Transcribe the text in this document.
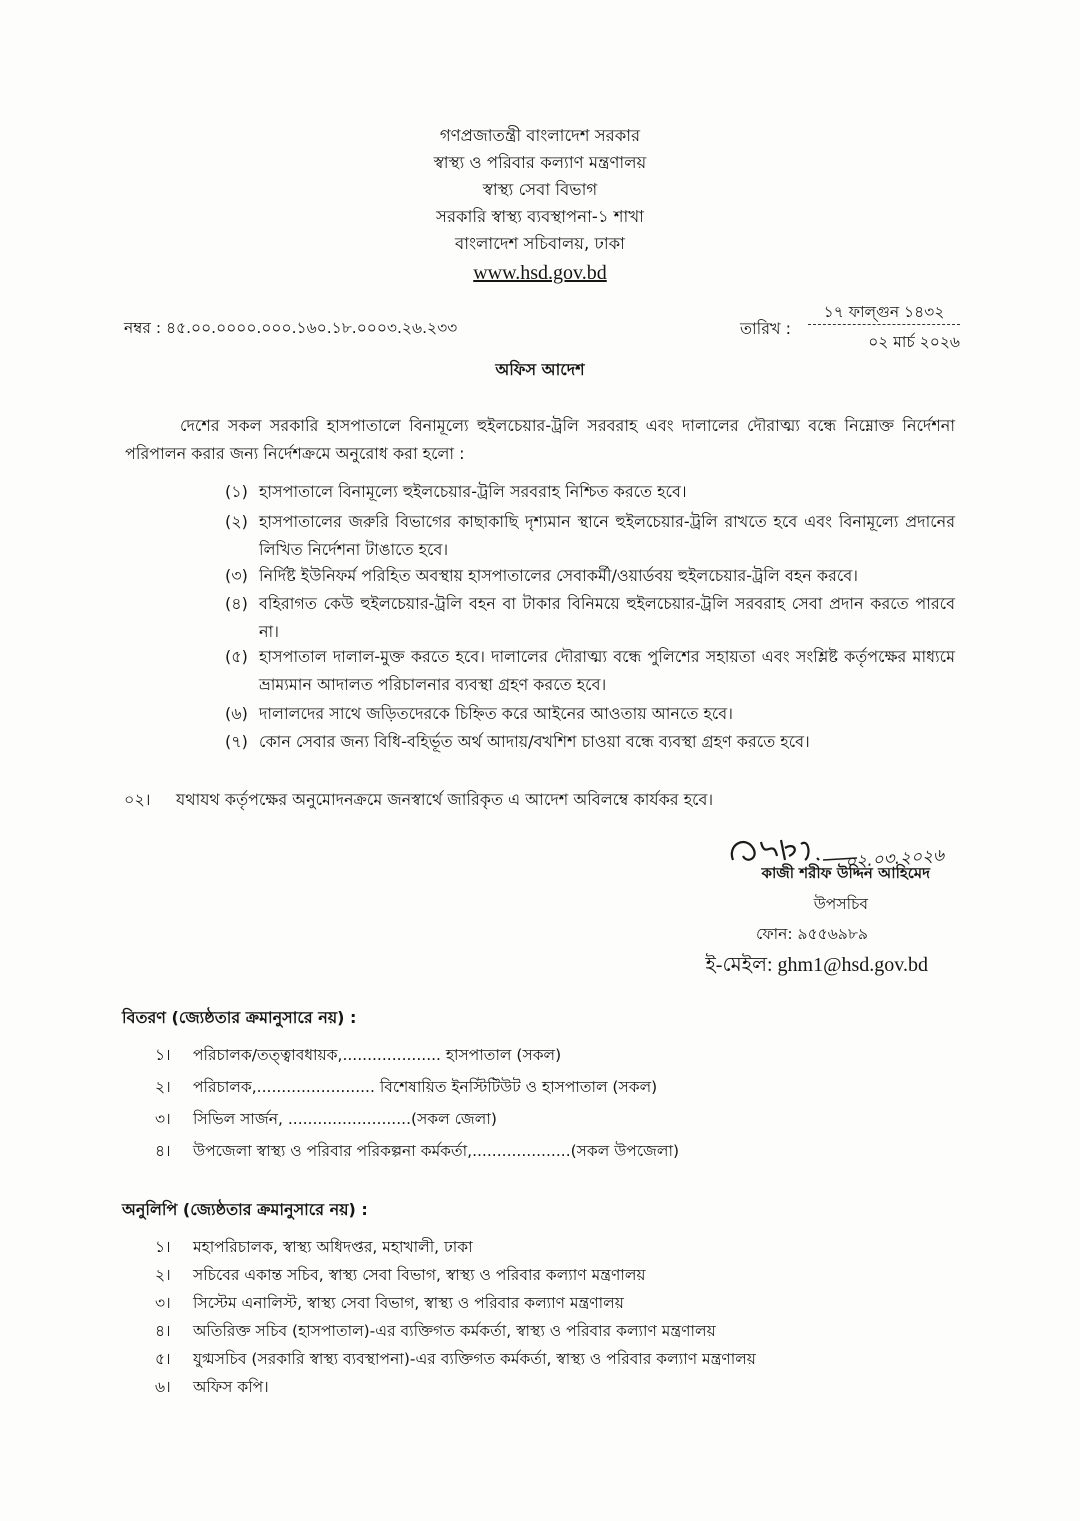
গণপ্রজাতন্ত্রী বাংলাদেশ সরকার
স্বাস্থ্য ও পরিবার কল্যাণ মন্ত্রণালয়
স্বাস্থ্য সেবা বিভাগ
সরকারি স্বাস্থ্য ব্যবস্থাপনা-১ শাখা
বাংলাদেশ সচিবালয়, ঢাকা
www.hsd.gov.bd
নম্বর : ৪৫.০০.০০০০.০০০.১৬০.১৮.০০০৩.২৬.২৩৩	তারিখ :
১৭ ফাল্গুন ১৪৩২
০২ মার্চ ২০২৬
অফিস আদেশ
দেশের সকল সরকারি হাসপাতালে বিনামূল্যে হুইলচেয়ার-ট্রলি সরবরাহ এবং দালালের দৌরাত্ম্য বন্ধে নিম্নোক্ত নির্দেশনা পরিপালন করার জন্য নির্দেশক্রমে অনুরোধ করা হলো :
(১) হাসপাতালে বিনামূল্যে হুইলচেয়ার-ট্রলি সরবরাহ নিশ্চিত করতে হবে।
(২) হাসপাতালের জরুরি বিভাগের কাছাকাছি দৃশ্যমান স্থানে হুইলচেয়ার-ট্রলি রাখতে হবে এবং বিনামূল্যে প্রদানের লিখিত নির্দেশনা টাঙাতে হবে।
(৩) নির্দিষ্ট ইউনিফর্ম পরিহিত অবস্থায় হাসপাতালের সেবাকর্মী/ওয়ার্ডবয় হুইলচেয়ার-ট্রলি বহন করবে।
(৪) বহিরাগত কেউ হুইলচেয়ার-ট্রলি বহন বা টাকার বিনিময়ে হুইলচেয়ার-ট্রলি সরবরাহ সেবা প্রদান করতে পারবে না।
(৫) হাসপাতাল দালাল-মুক্ত করতে হবে। দালালের দৌরাত্ম্য বন্ধে পুলিশের সহায়তা এবং সংশ্লিষ্ট কর্তৃপক্ষের মাধ্যমে ভ্রাম্যমান আদালত পরিচালনার ব্যবস্থা গ্রহণ করতে হবে।
(৬) দালালদের সাথে জড়িতদেরকে চিহ্নিত করে আইনের আওতায় আনতে হবে।
(৭) কোন সেবার জন্য বিধি-বহির্ভূত অর্থ আদায়/বখশিশ চাওয়া বন্ধে ব্যবস্থা গ্রহণ করতে হবে।
০২।	যথাযথ কর্তৃপক্ষের অনুমোদনক্রমে জনস্বার্থে জারিকৃত এ আদেশ অবিলম্বে কার্যকর হবে।
০২.০৩.২০২৬
কাজী শরীফ উদ্দিন আহিমেদ
উপসচিব
ফোন: ৯৫৫৬৯৮৯
ই-মেইল: ghm1@hsd.gov.bd
বিতরণ (জ্যেষ্ঠতার ক্রমানুসারে নয়) :
১।	পরিচালক/তত্ত্বাবধায়ক,.................... হাসপাতাল (সকল)
২।	পরিচালক,........................ বিশেষায়িত ইনস্টিটিউট ও হাসপাতাল (সকল)
৩।	সিভিল সার্জন, .........................(সকল জেলা)
৪।	উপজেলা স্বাস্থ্য ও পরিবার পরিকল্পনা কর্মকর্তা,....................(সকল উপজেলা)
অনুলিপি (জ্যেষ্ঠতার ক্রমানুসারে নয়) :
১।	মহাপরিচালক, স্বাস্থ্য অধিদপ্তর, মহাখালী, ঢাকা
২।	সচিবের একান্ত সচিব, স্বাস্থ্য সেবা বিভাগ, স্বাস্থ্য ও পরিবার কল্যাণ মন্ত্রণালয়
৩।	সিস্টেম এনালিস্ট, স্বাস্থ্য সেবা বিভাগ, স্বাস্থ্য ও পরিবার কল্যাণ মন্ত্রণালয়
৪।	অতিরিক্ত সচিব (হাসপাতাল)-এর ব্যক্তিগত কর্মকর্তা, স্বাস্থ্য ও পরিবার কল্যাণ মন্ত্রণালয়
৫।	যুগ্মসচিব (সরকারি স্বাস্থ্য ব্যবস্থাপনা)-এর ব্যক্তিগত কর্মকর্তা, স্বাস্থ্য ও পরিবার কল্যাণ মন্ত্রণালয়
৬।	অফিস কপি।
